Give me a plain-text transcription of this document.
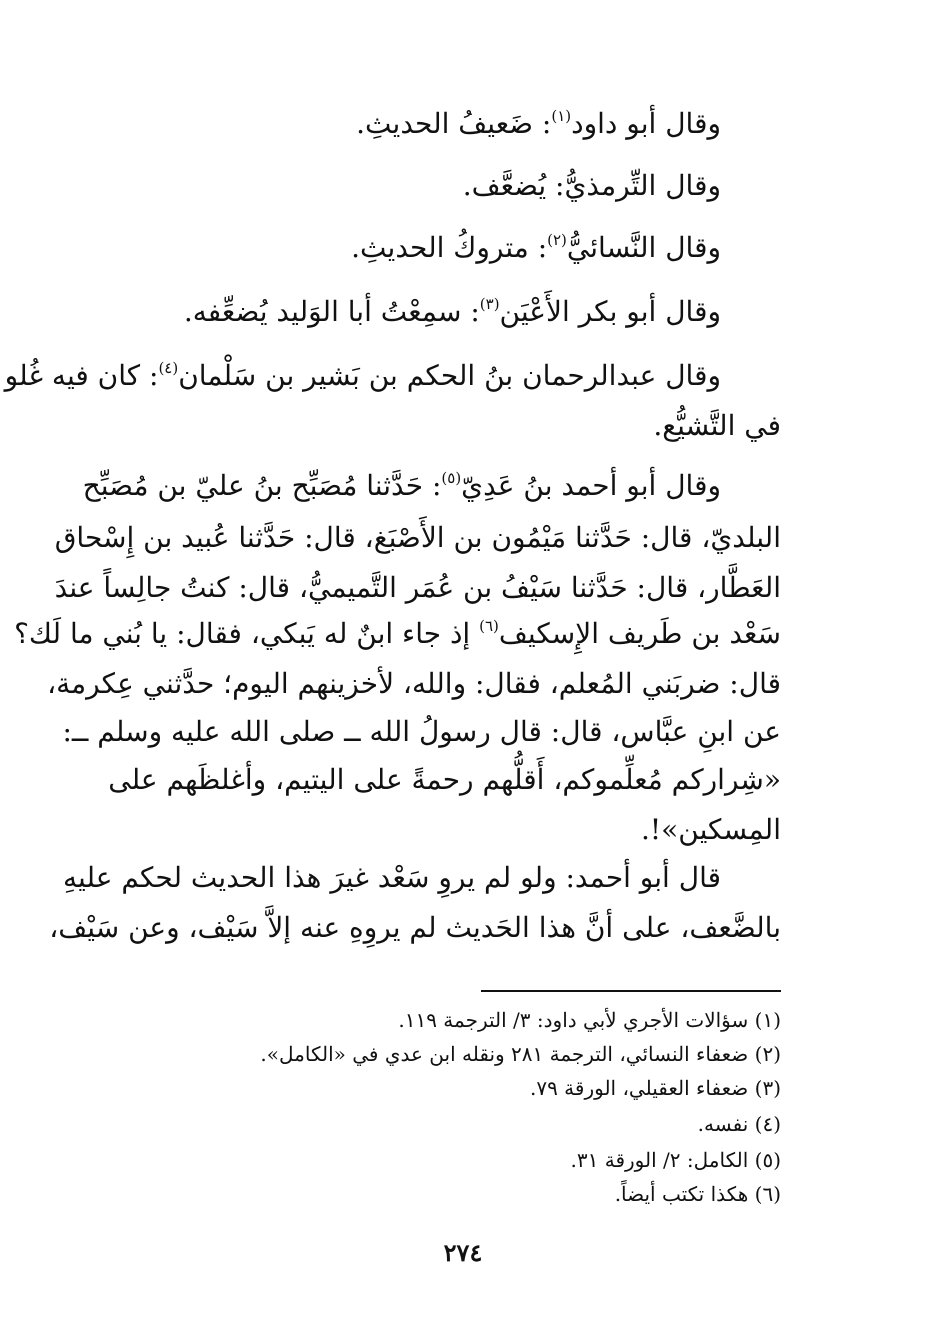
وقال أبو داود$^{(١)}$: ضَعيفُ الحديثِ.
وقال التِّرمذيُّ: يُضعَّف.
وقال النَّسائيُّ$^{(٢)}$: متروكُ الحديثِ.
وقال أبو بكر الأَعْيَن$^{(٣)}$: سمِعْتُ أبا الوَليد يُضعِّفه.
وقال عبدالرحمان بنُ الحكم بن بَشير بن سَلْمان$^{(٤)}$: كان فيه غُلو
في التَّشيُّع.
وقال أبو أحمد بنُ عَدِيّ$^{(٥)}$: حَدَّثنا مُصَبِّح بنُ عليّ بن مُصَبِّح
البلديّ، قال: حَدَّثنا مَيْمُون بن الأَصْبَغ، قال: حَدَّثنا عُبيد بن إِسْحاق
العَطَّار، قال: حَدَّثنا سَيْفُ بن عُمَر التَّميميُّ، قال: كنتُ جالِساً عندَ
سَعْد بن طَريف الإِسكيف$^{(٦)}$ إذ جاء ابنٌ له يَبكي، فقال: يا بُني ما لَك؟
قال: ضربَني المُعلم، فقال: والله، لأخزينهم اليوم؛ حدَّثني عِكرمة،
عن ابنِ عبَّاس، قال: قال رسولُ الله ــ صلى الله عليه وسلم ــ:
«شِراركم مُعلِّموكم، أَقلُّهم رحمةً على اليتيم، وأغلظَهم على
المِسكين»!.
قال أبو أحمد: ولو لم يروِ سَعْد غيرَ هذا الحديث لحكم عليهِ
بالضَّعف، على أنَّ هذا الحَديث لم يروِهِ عنه إلاَّ سَيْف، وعن سَيْف،
(١) سؤالات الأجري لأبي داود: ٣/ الترجمة ١١٩.
(٢) ضعفاء النسائي، الترجمة ٢٨١ ونقله ابن عدي في «الكامل».
(٣) ضعفاء العقيلي، الورقة ٧٩.
(٤) نفسه.
(٥) الكامل: ٢/ الورقة ٣١.
(٦) هكذا تكتب أيضاً.
٢٧٤
